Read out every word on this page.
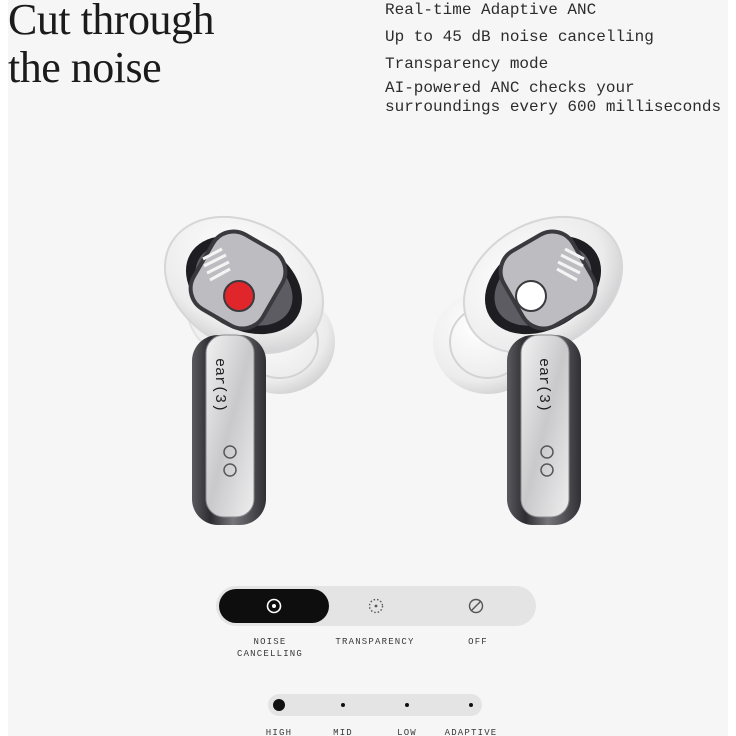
Cut through
the noise
Real-time Adaptive ANC
Up to 45 dB noise cancelling
Transparency mode
AI-powered ANC checks your surroundings every 600 milliseconds
ear(3)	ear(3)
NOISE CANCELLING
TRANSPARENCY	OFF
HIGH	MID	LOW	ADAPTIVE
